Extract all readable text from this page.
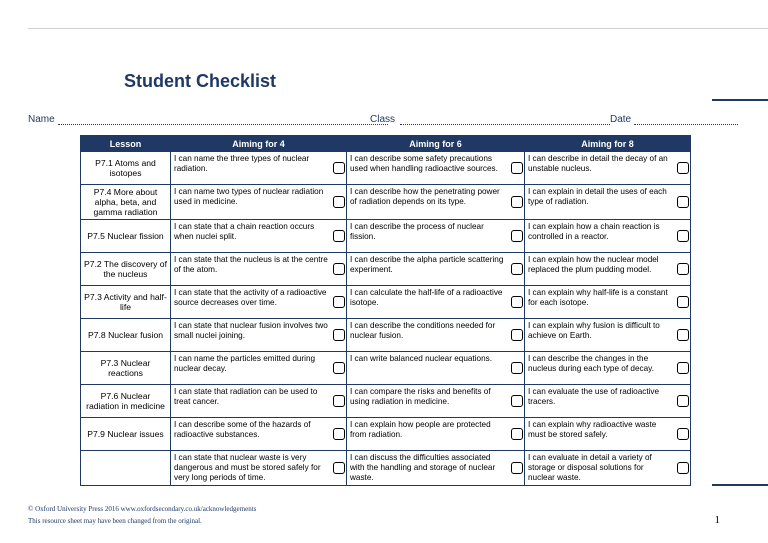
Student Checklist
Name	Class	Date
Lesson	Aiming for 4	Aiming for 6	Aiming for 8
P7.1 Atoms and isotopes	I can name the three types of nuclear radiation.	I can describe some safety precautions used when handling radioactive sources.	I can describe in detail the decay of an unstable nucleus.

P7.4 More about alpha, beta, and gamma radiation	I can name two types of nuclear radiation used in medicine.	I can describe how the penetrating power of radiation depends on its type.	I can explain in detail the uses of each type of radiation.

P7.5 Nuclear fission	I can state that a chain reaction occurs when nuclei split.	I can describe the process of nuclear fission.	I can explain how a chain reaction is controlled in a reactor.

P7.2 The discovery of the nucleus	I can state that the nucleus is at the centre of the atom.	I can describe the alpha particle scattering experiment.	I can explain how the nuclear model replaced the plum pudding model.

P7.3 Activity and half-life	I can state that the activity of a radioactive source decreases over time.	I can calculate the half-life of a radioactive isotope.	I can explain why half-life is a constant for each isotope.

P7.8 Nuclear fusion	I can state that nuclear fusion involves two small nuclei joining.	I can describe the conditions needed for nuclear fusion.	I can explain why fusion is difficult to achieve on Earth.

P7.3 Nuclear reactions	I can name the particles emitted during nuclear decay.	I can write balanced nuclear equations.	I can describe the changes in the nucleus during each type of decay.

P7.6 Nuclear radiation in medicine	I can state that radiation can be used to treat cancer.	I can compare the risks and benefits of using radiation in medicine.	I can evaluate the use of radioactive tracers.

P7.9 Nuclear issues	I can describe some of the hazards of radioactive substances.	I can explain how people are protected from radiation.	I can explain why radioactive waste must be stored safely.

	I can state that nuclear waste is very dangerous and must be stored safely for very long periods of time.	I can discuss the difficulties associated with the handling and storage of nuclear waste.	I can evaluate in detail a variety of storage or disposal solutions for nuclear waste.
© Oxford University Press 2016 www.oxfordsecondary.co.uk/acknowledgements
This resource sheet may have been changed from the original.	1
